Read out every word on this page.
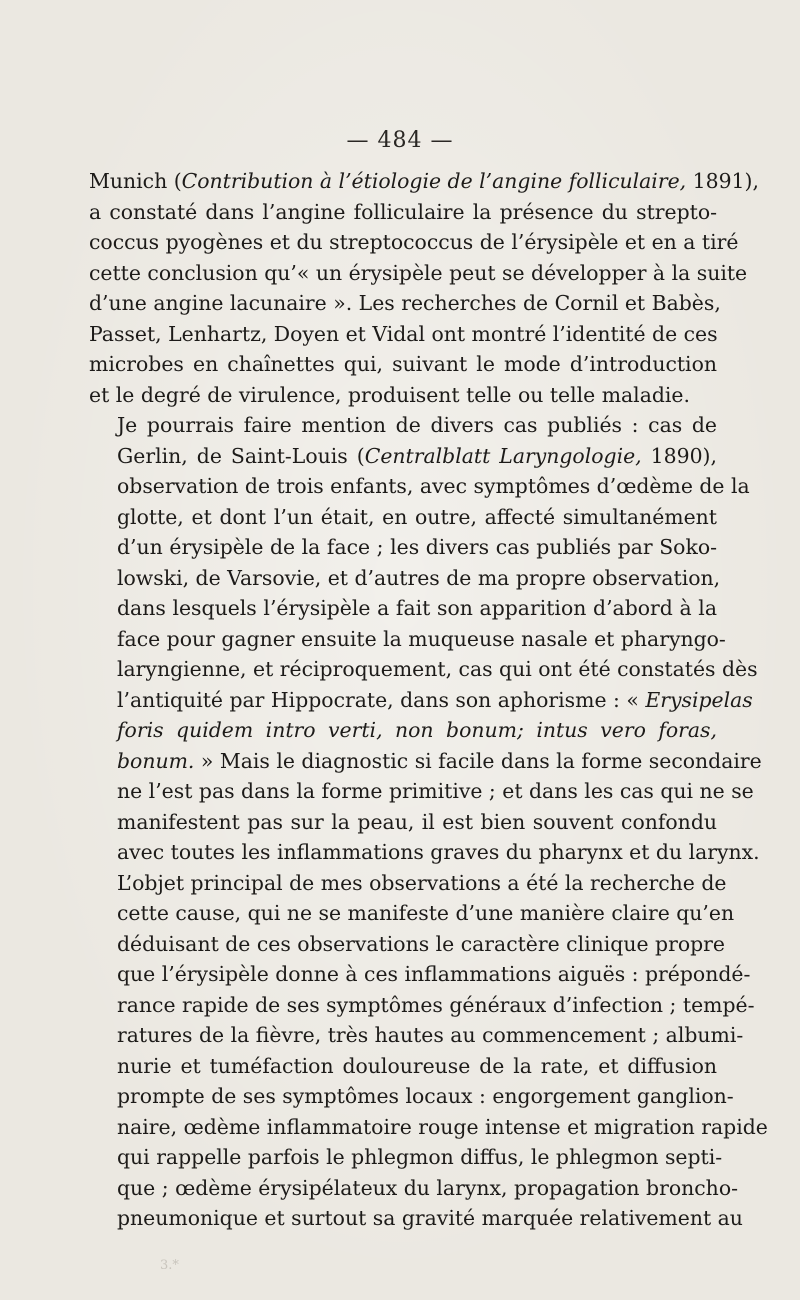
— 484 —

Munich (Contribution à l’étiologie de l’angine folliculaire, 1891),
a constaté dans l’angine folliculaire la présence du strepto-
coccus pyogènes et du streptococcus de l’érysipèle et en a tiré
cette conclusion qu’« un érysipèle peut se développer à la suite
d’une angine lacunaire ». Les recherches de Cornil et Babès,
Passet, Lenhartz, Doyen et Vidal ont montré l’identité de ces
microbes en chaînettes qui, suivant le mode d’introduction
et le degré de virulence, produisent telle ou telle maladie.

Je pourrais faire mention de divers cas publiés : cas de
Gerlin, de Saint-Louis (Centralblatt Laryngologie, 1890),
observation de trois enfants, avec symptômes d’œdème de la
glotte, et dont l’un était, en outre, affecté simultanément
d’un érysipèle de la face ; les divers cas publiés par Soko-
lowski, de Varsovie, et d’autres de ma propre observation,
dans lesquels l’érysipèle a fait son apparition d’abord à la
face pour gagner ensuite la muqueuse nasale et pharyngo-
laryngienne, et réciproquement, cas qui ont été constatés dès
l’antiquité par Hippocrate, dans son aphorisme : « Erysipelas
foris quidem intro verti, non bonum; intus vero foras,
bonum. » Mais le diagnostic si facile dans la forme secondaire
ne l’est pas dans la forme primitive ; et dans les cas qui ne se
manifestent pas sur la peau, il est bien souvent confondu
avec toutes les inflammations graves du pharynx et du larynx.

L’objet principal de mes observations a été la recherche de
cette cause, qui ne se manifeste d’une manière claire qu’en
déduisant de ces observations le caractère clinique propre
que l’érysipèle donne à ces inflammations aiguës : prépondé-
rance rapide de ses symptômes généraux d’infection ; tempé-
ratures de la fièvre, très hautes au commencement ; albumi-
nurie et tuméfaction douloureuse de la rate, et diffusion
prompte de ses symptômes locaux : engorgement ganglion-
naire, œdème inflammatoire rouge intense et migration rapide
qui rappelle parfois le phlegmon diffus, le phlegmon septi-
que ; œdème érysipélateux du larynx, propagation broncho-
pneumonique et surtout sa gravité marquée relativement au

3.*
